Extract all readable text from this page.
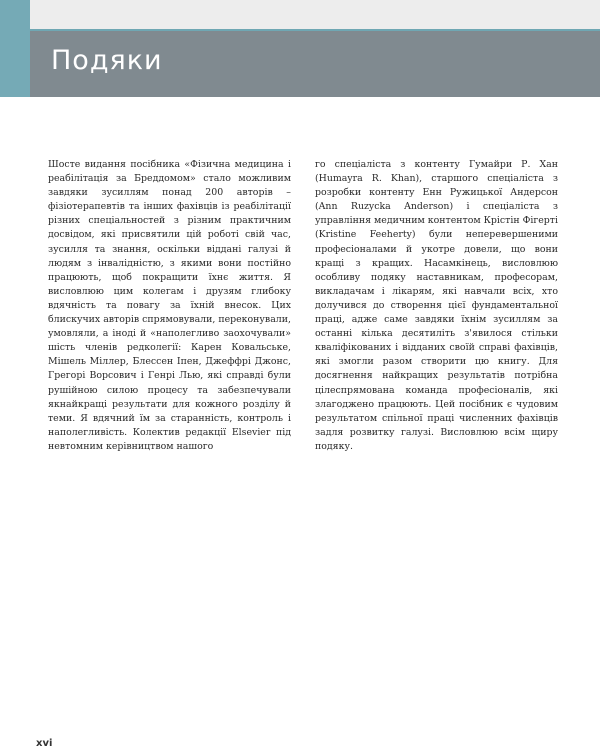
Подяки

Шосте видання посібника «Фізична медицина і реабілітація за Бреддомом» стало можливим завдяки зусиллям понад 200 авторів – фізіотерапевтів та інших фахівців із реабілітації різних спеціальностей з різним практичним досвідом, які присвятили цій роботі свій час, зусилля та знання, оскільки віддані галузі й людям з інвалідністю, з якими вони постійно працюють, щоб покращити їхнє життя. Я висловлюю цим колегам і друзям глибоку вдячність та повагу за їхній внесок. Цих блискучих авторів спрямовували, переконували, умовляли, а іноді й «наполегливо заохочували» шість членів редколегії: Карен Ковальське, Мішель Міллер, Блессен Іпен, Джеффрі Джонс, Грегорі Ворсович і Генрі Лью, які справді були рушійною силою процесу та забезпечували якнайкращі результати для кожного розділу й теми. Я вдячний їм за старанність, контроль і наполегливість. Колектив редакції Elsevier під невтомним керівництвом нашого

го спеціаліста з контенту Гумайри Р. Хан (Humayra R. Khan), старшого спеціаліста з розробки контенту Енн Ружицької Андерсон (Ann Ruzycka Anderson) і спеціаліста з управління медичним контентом Крістін Фігерті (Kristine Feeherty) були неперевершеними професіоналами й укотре довели, що вони кращі з кращих. Насамкінець, висловлюю особливу подяку наставникам, професорам, викладачам і лікарям, які навчали всіх, хто долучився до створення цієї фундаментальної праці, адже саме завдяки їхнім зусиллям за останні кілька десятиліть з'явилося стільки кваліфікованих і відданих своїй справі фахівців, які змогли разом створити цю книгу. Для досягнення найкращих результатів потрібна цілеспрямована команда професіоналів, які злагоджено працюють. Цей посібник є чудовим результатом спільної праці численних фахівців задля розвитку галузі. Висловлюю всім щиру подяку.

xvi
